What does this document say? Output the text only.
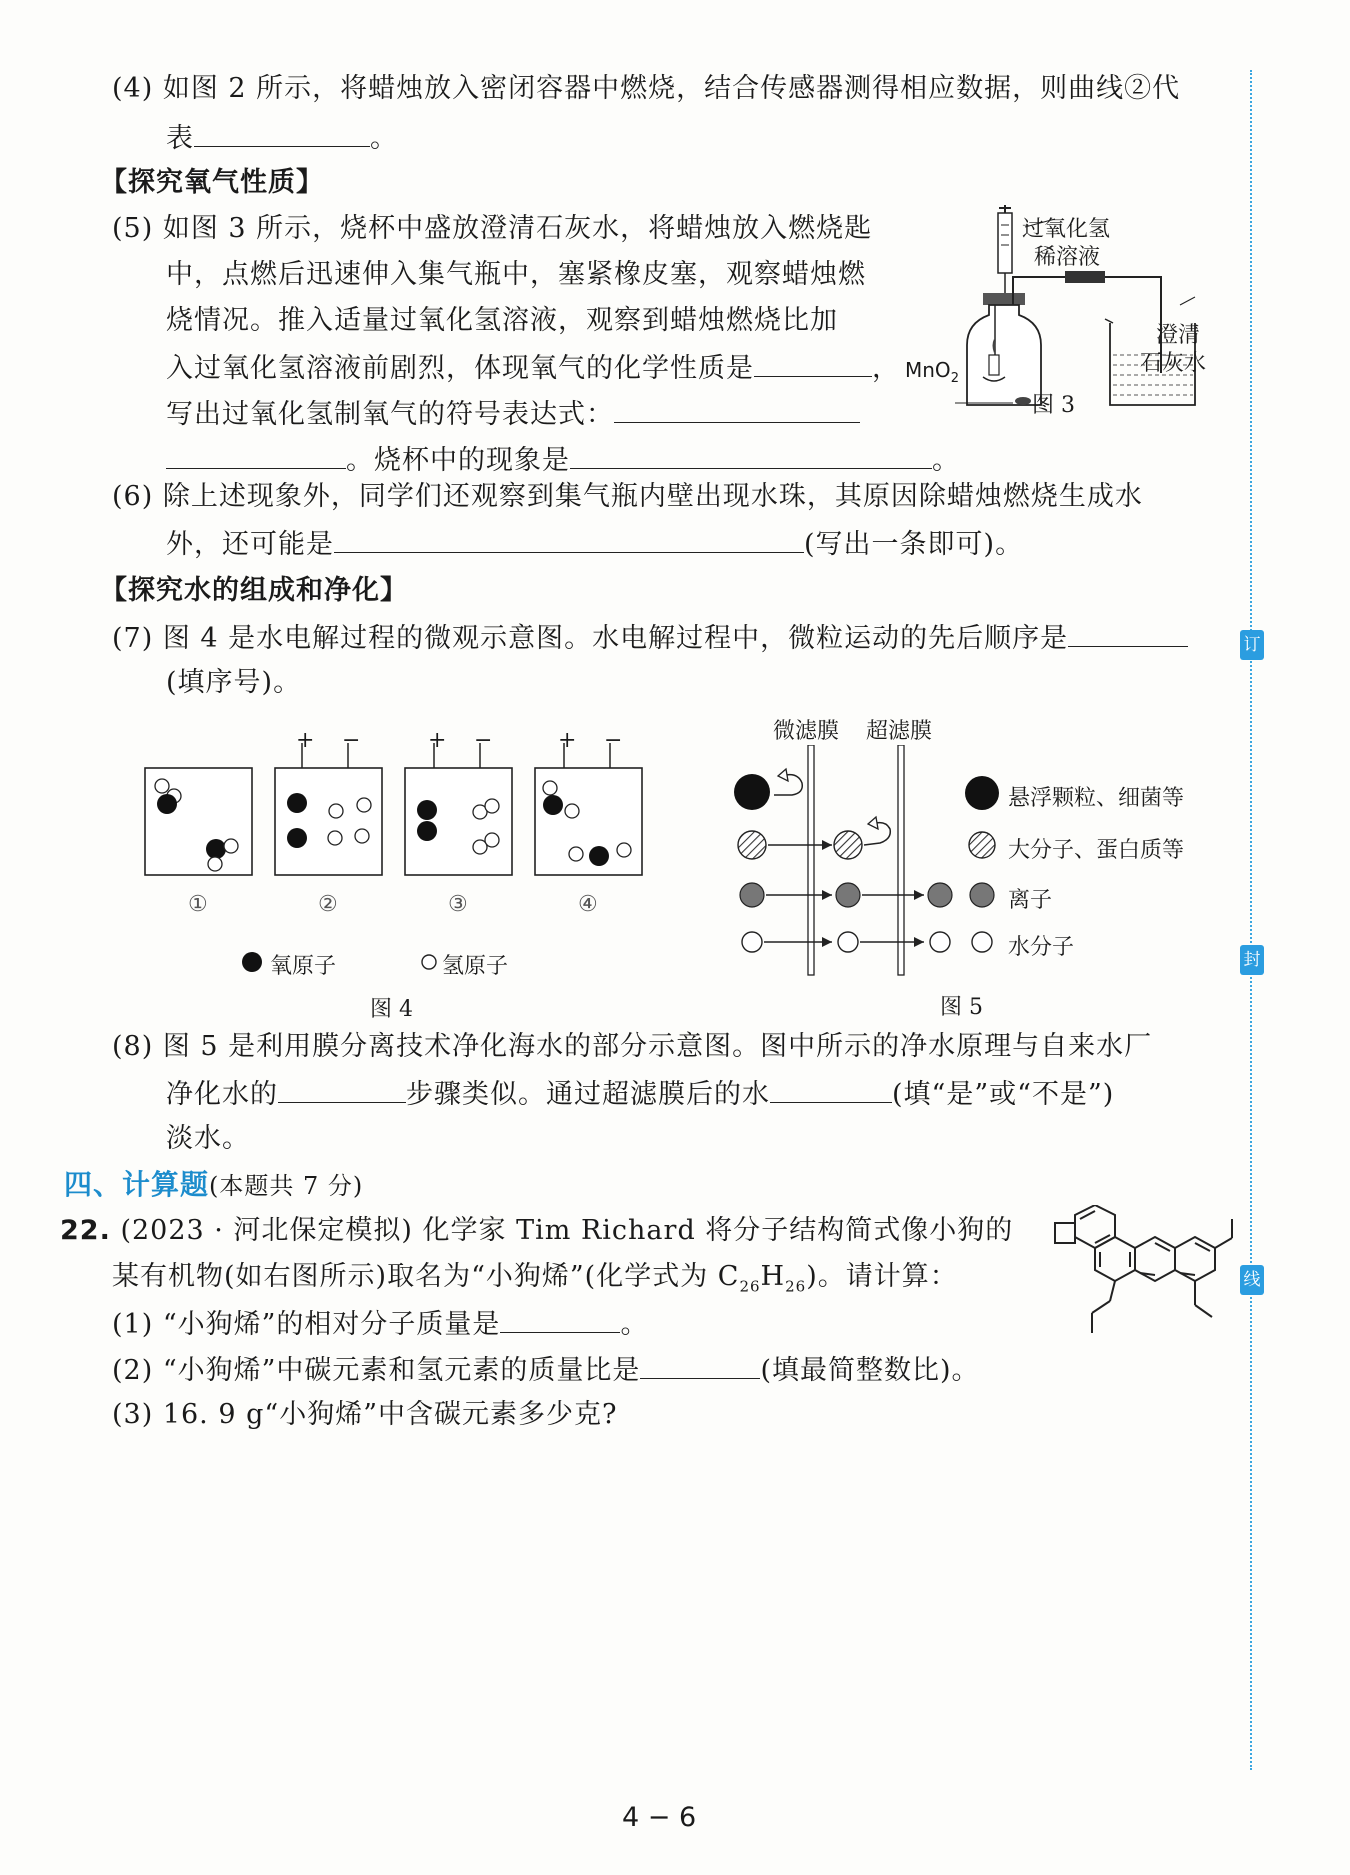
订
封
线
(4) 如图 2 所示，将蜡烛放入密闭容器中燃烧，结合传感器测得相应数据，则曲线②代
表	。
【探究氧气性质】
(5) 如图 3 所示，烧杯中盛放澄清石灰水，将蜡烛放入燃烧匙
中，点燃后迅速伸入集气瓶中，塞紧橡皮塞，观察蜡烛燃
烧情况。推入适量过氧化氢溶液，观察到蜡烛燃烧比加
入过氧化氢溶液前剧烈，体现氧气的化学性质是	，
写出过氧化氢制氧气的符号表达式：
。烧杯中的现象是	。
过氧化氢
稀溶液
澄清
石灰水
MnO$_2$
图 3
(6) 除上述现象外，同学们还观察到集气瓶内壁出现水珠，其原因除蜡烛燃烧生成水
外，还可能是	(写出一条即可)。
【探究水的组成和净化】
(7) 图 4 是水电解过程的微观示意图。水电解过程中，微粒运动的先后顺序是
(填序号)。
+ −	+ −	+ −
①	②	③	④
氧原子	氢原子
图 4
微滤膜 超滤膜
悬浮颗粒、细菌等
大分子、蛋白质等
离子
水分子
图 5
(8) 图 5 是利用膜分离技术净化海水的部分示意图。图中所示的净水原理与自来水厂
净化水的	步骤类似。通过超滤膜后的水	(填“是”或“不是”)
淡水。
四、计算题(本题共 7 分)
22. (2023 · 河北保定模拟) 化学家 Tim Richard 将分子结构简式像小狗的
某有机物(如右图所示)取名为“小狗烯”(化学式为 $C_{26}H_{26}$)。请计算：
(1) “小狗烯”的相对分子质量是	。
(2) “小狗烯”中碳元素和氢元素的质量比是	(填最简整数比)。
(3) 16. 9 g“小狗烯”中含碳元素多少克?
4 − 6
